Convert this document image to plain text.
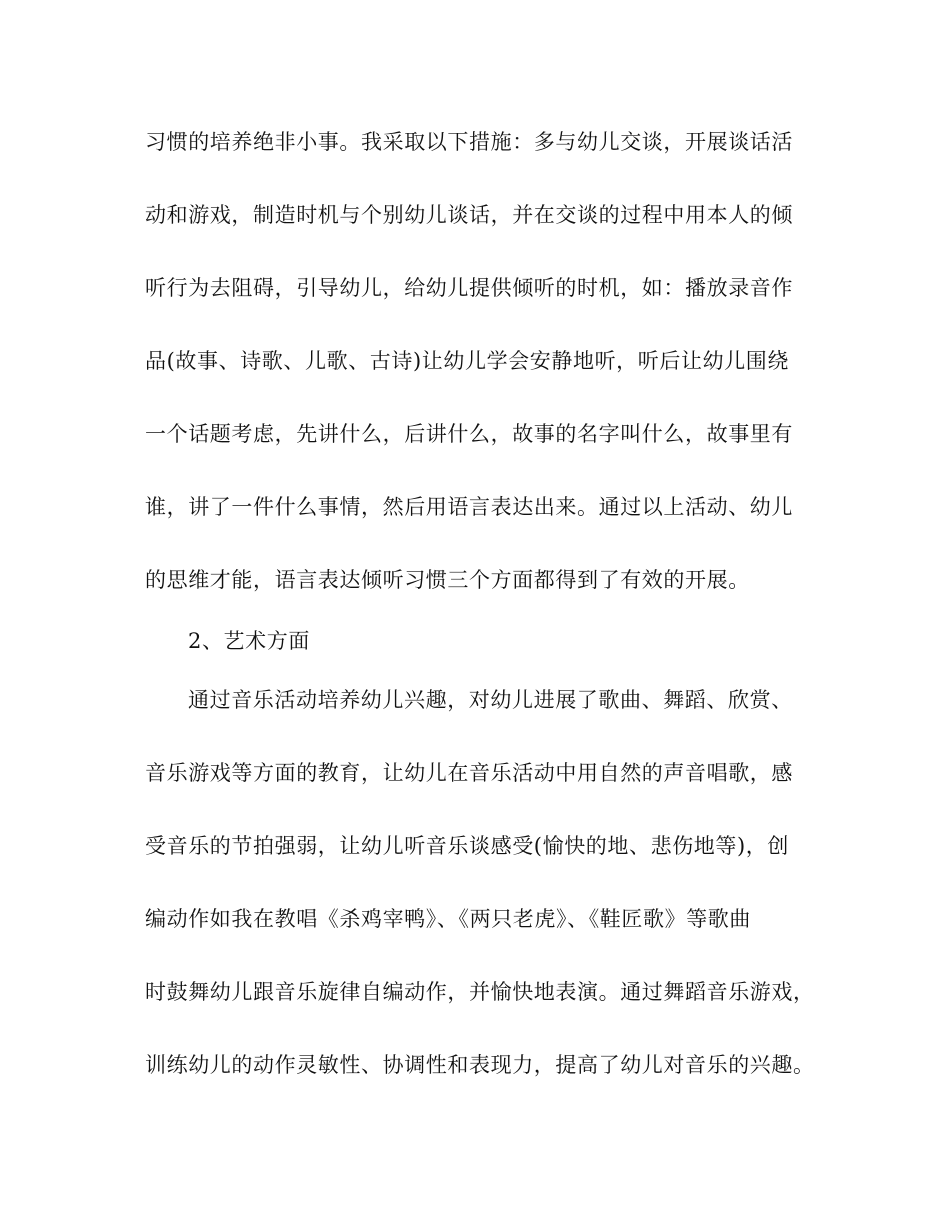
习惯的培养绝非小事。我采取以下措施：多与幼儿交谈，开展谈话活
动和游戏，制造时机与个别幼儿谈话，并在交谈的过程中用本人的倾
听行为去阻碍，引导幼儿，给幼儿提供倾听的时机，如：播放录音作
品(故事、诗歌、儿歌、古诗)让幼儿学会安静地听，听后让幼儿围绕
一个话题考虑，先讲什么，后讲什么，故事的名字叫什么，故事里有
谁，讲了一件什么事情，然后用语言表达出来。通过以上活动、幼儿
的思维才能，语言表达倾听习惯三个方面都得到了有效的开展。
2、艺术方面
通过音乐活动培养幼儿兴趣，对幼儿进展了歌曲、舞蹈、欣赏、
音乐游戏等方面的教育，让幼儿在音乐活动中用自然的声音唱歌，感
受音乐的节拍强弱，让幼儿听音乐谈感受(愉快的地、悲伤地等)，创
编动作如我在教唱《杀鸡宰鸭》、《两只老虎》、《鞋匠歌》等歌曲
时鼓舞幼儿跟音乐旋律自编动作，并愉快地表演。通过舞蹈音乐游戏，
训练幼儿的动作灵敏性、协调性和表现力，提高了幼儿对音乐的兴趣。
